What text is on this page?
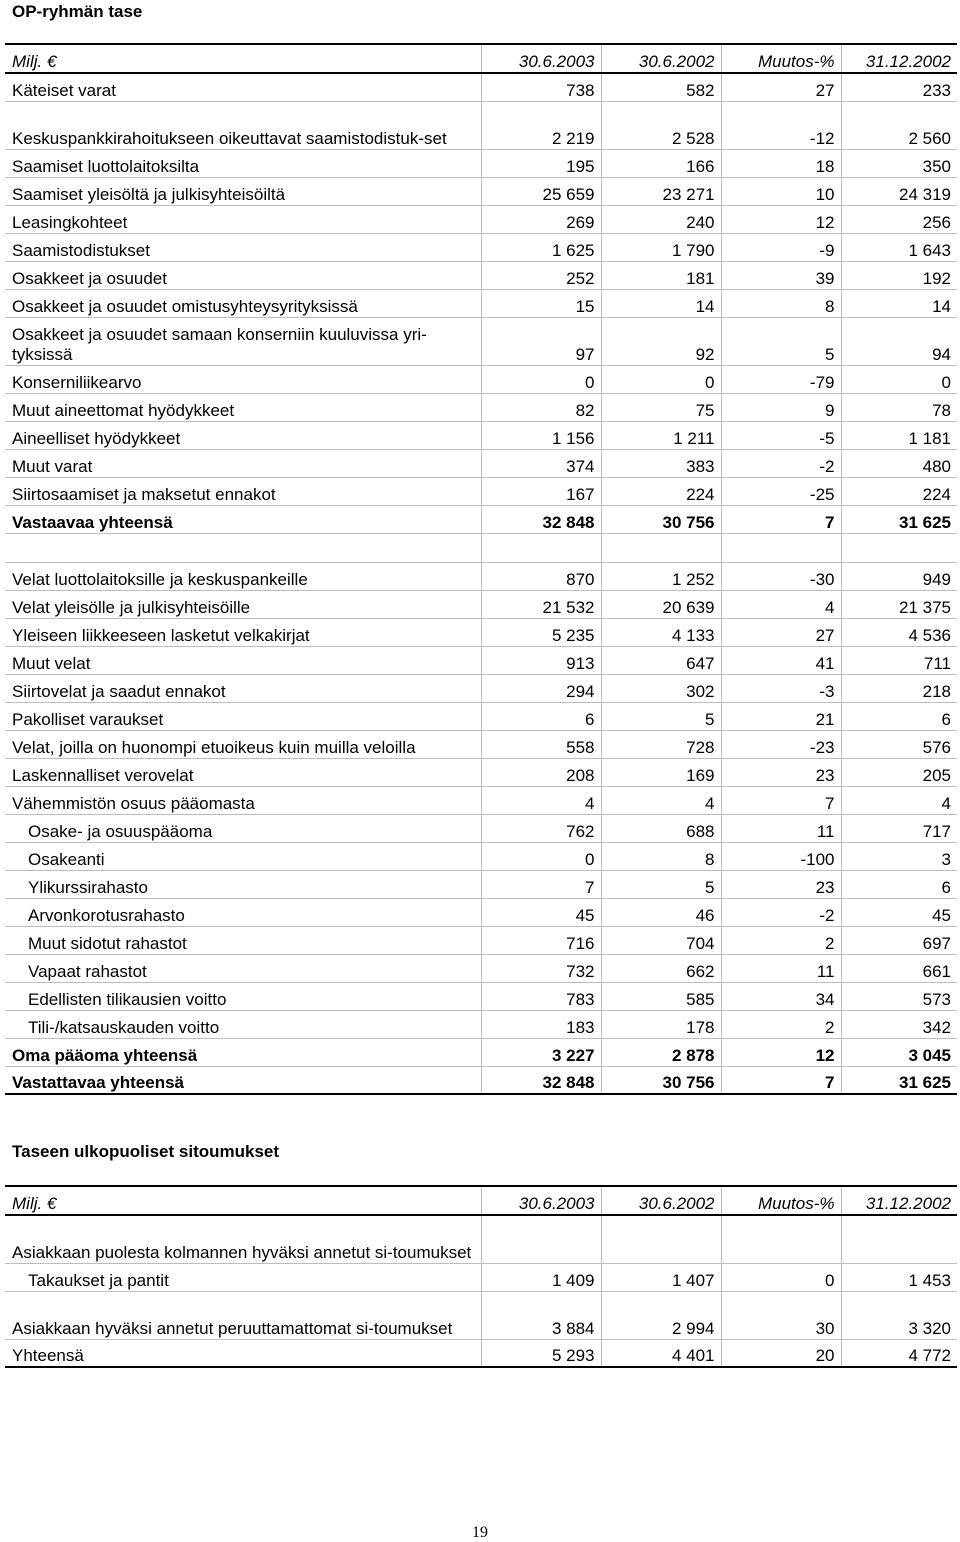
OP-ryhmän tase
Milj. €	30.6.2003	30.6.2002	Muutos-%	31.12.2002
Käteiset varat	738	582	27	233
Keskuspankkirahoitukseen oikeuttavat saamistodistuk-set	2 219	2 528	-12	2 560
Saamiset luottolaitoksilta	195	166	18	350
Saamiset yleisöltä ja julkisyhteisöiltä	25 659	23 271	10	24 319
Leasingkohteet	269	240	12	256
Saamistodistukset	1 625	1 790	-9	1 643
Osakkeet ja osuudet	252	181	39	192
Osakkeet ja osuudet omistusyhteysyrityksissä	15	14	8	14
Osakkeet ja osuudet samaan konserniin kuuluvissa yri-tyksissä	97	92	5	94
Konserniliikearvo	0	0	-79	0
Muut aineettomat hyödykkeet	82	75	9	78
Aineelliset hyödykkeet	1 156	1 211	-5	1 181
Muut varat	374	383	-2	480
Siirtosaamiset ja maksetut ennakot	167	224	-25	224
Vastaavaa yhteensä	32 848	30 756	7	31 625

Velat luottolaitoksille ja keskuspankeille	870	1 252	-30	949
Velat yleisölle ja julkisyhteisöille	21 532	20 639	4	21 375
Yleiseen liikkeeseen lasketut velkakirjat	5 235	4 133	27	4 536
Muut velat	913	647	41	711
Siirtovelat ja saadut ennakot	294	302	-3	218
Pakolliset varaukset	6	5	21	6
Velat, joilla on huonompi etuoikeus kuin muilla veloilla	558	728	-23	576
Laskennalliset verovelat	208	169	23	205
Vähemmistön osuus pääomasta	4	4	7	4
Osake- ja osuuspääoma	762	688	11	717
Osakeanti	0	8	-100	3
Ylikurssirahasto	7	5	23	6
Arvonkorotusrahasto	45	46	-2	45
Muut sidotut rahastot	716	704	2	697
Vapaat rahastot	732	662	11	661
Edellisten tilikausien voitto	783	585	34	573
Tili-/katsauskauden voitto	183	178	2	342
Oma pääoma yhteensä	3 227	2 878	12	3 045
Vastattavaa yhteensä	32 848	30 756	7	31 625
Taseen ulkopuoliset sitoumukset
Milj. €	30.6.2003	30.6.2002	Muutos-%	31.12.2002
Asiakkaan puolesta kolmannen hyväksi annetut si-toumukset				
Takaukset ja pantit	1 409	1 407	0	1 453
Asiakkaan hyväksi annetut peruuttamattomat si-toumukset	3 884	2 994	30	3 320
Yhteensä	5 293	4 401	20	4 772
19
